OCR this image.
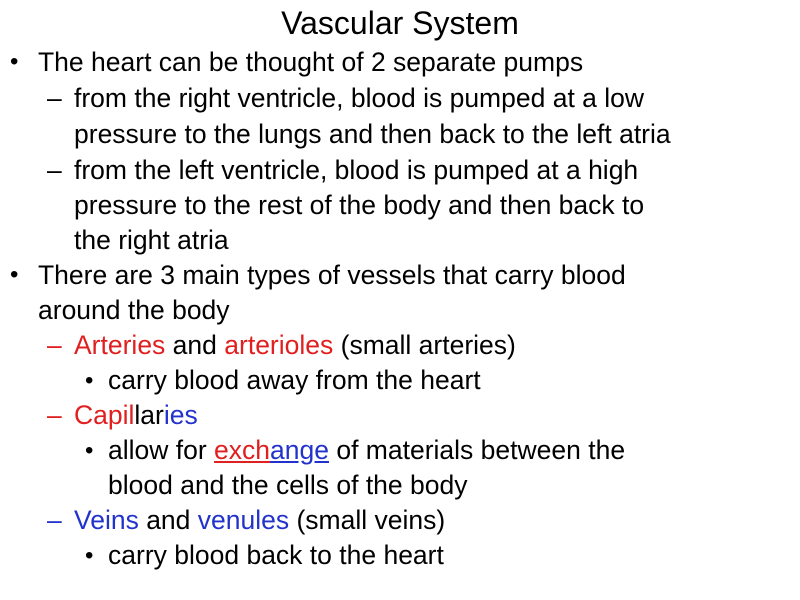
Vascular System
• The heart can be thought of 2 separate pumps
– from the right ventricle, blood is pumped at a low
pressure to the lungs and then back to the left atria
– from the left ventricle, blood is pumped at a high
pressure to the rest of the body and then back to
the right atria
• There are 3 main types of vessels that carry blood
around the body
– Arteries and arterioles (small arteries)
• carry blood away from the heart
– Capillaries
• allow for exchange of materials between the
blood and the cells of the body
– Veins and venules (small veins)
• carry blood back to the heart
